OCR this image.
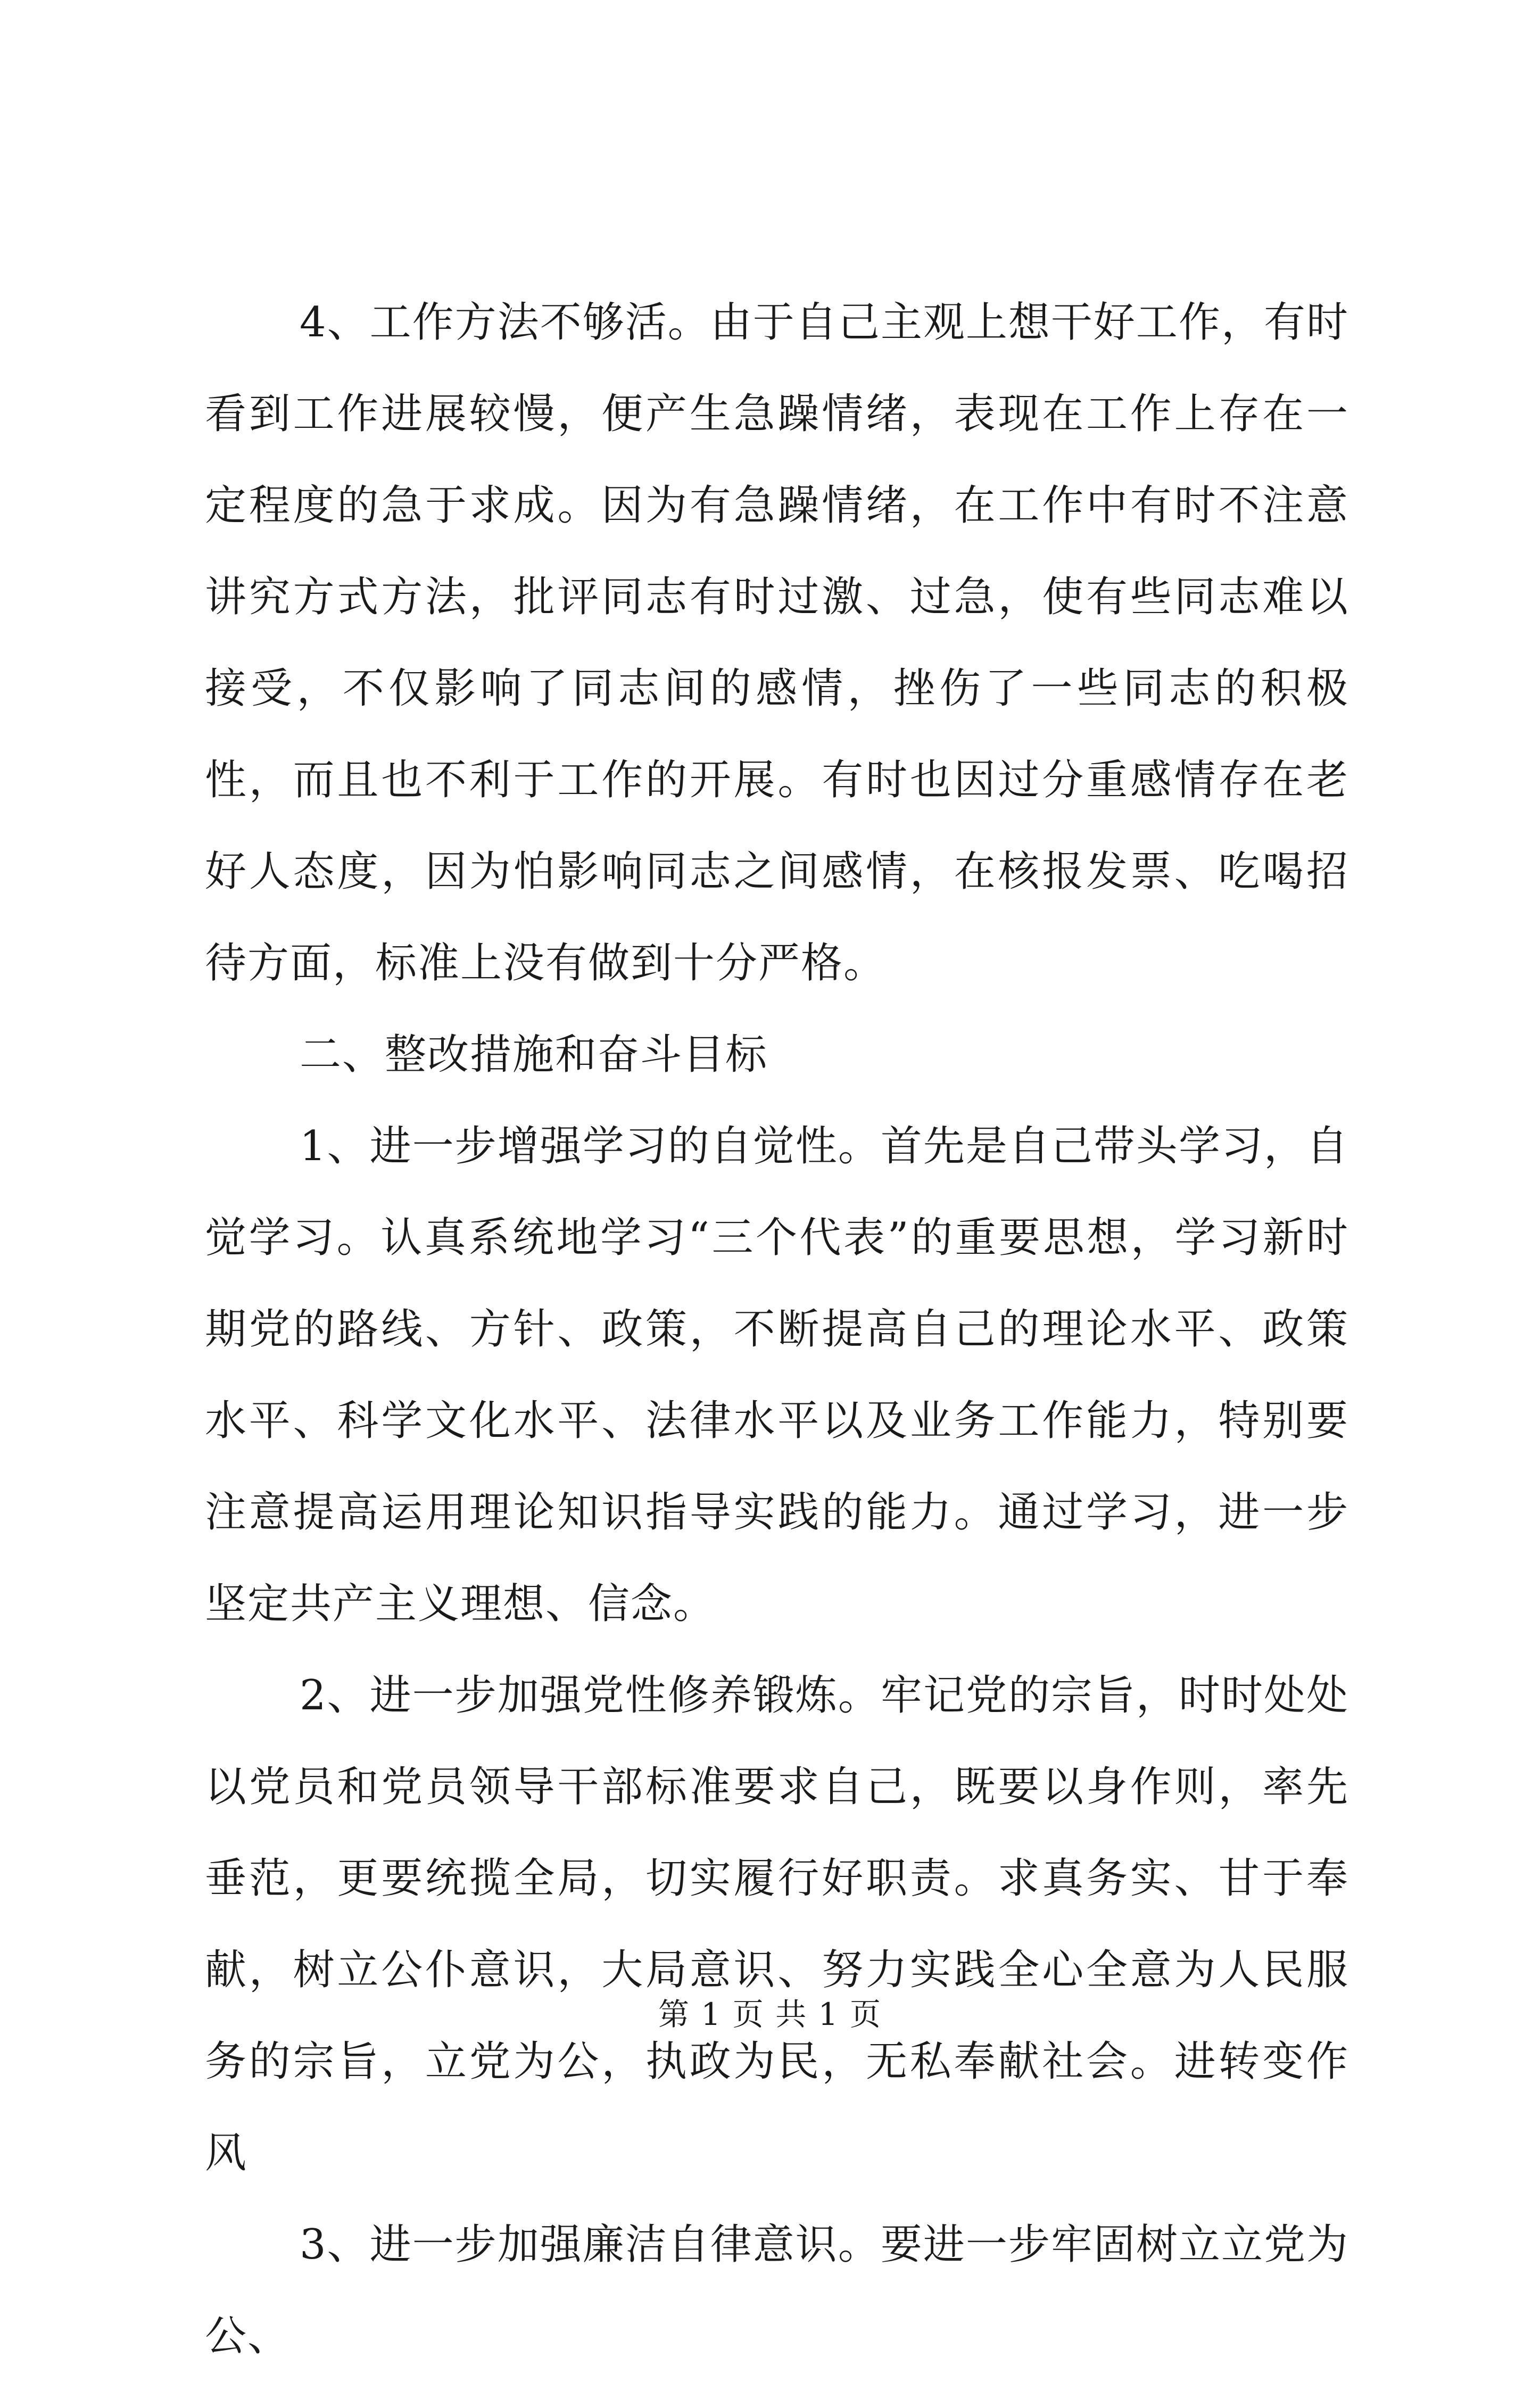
4、工作方法不够活。由于自己主观上想干好工作，有时看到工作进展较慢，便产生急躁情绪，表现在工作上存在一定程度的急于求成。因为有急躁情绪，在工作中有时不注意讲究方式方法，批评同志有时过激、过急，使有些同志难以接受，不仅影响了同志间的感情，挫伤了一些同志的积极性，而且也不利于工作的开展。有时也因过分重感情存在老好人态度，因为怕影响同志之间感情，在核报发票、吃喝招待方面，标准上没有做到十分严格。

二、整改措施和奋斗目标

1、进一步增强学习的自觉性。首先是自己带头学习，自觉学习。认真系统地学习“三个代表”的重要思想，学习新时期党的路线、方针、政策，不断提高自己的理论水平、政策水平、科学文化水平、法律水平以及业务工作能力，特别要注意提高运用理论知识指导实践的能力。通过学习，进一步坚定共产主义理想、信念。

2、进一步加强党性修养锻炼。牢记党的宗旨，时时处处以党员和党员领导干部标准要求自己，既要以身作则，率先垂范，更要统揽全局，切实履行好职责。求真务实、甘于奉献，树立公仆意识，大局意识、努力实践全心全意为人民服务的宗旨，立党为公，执政为民，无私奉献社会。进转变作风

3、进一步加强廉洁自律意识。要进一步牢固树立立党为公、

第 1 页 共 1 页
